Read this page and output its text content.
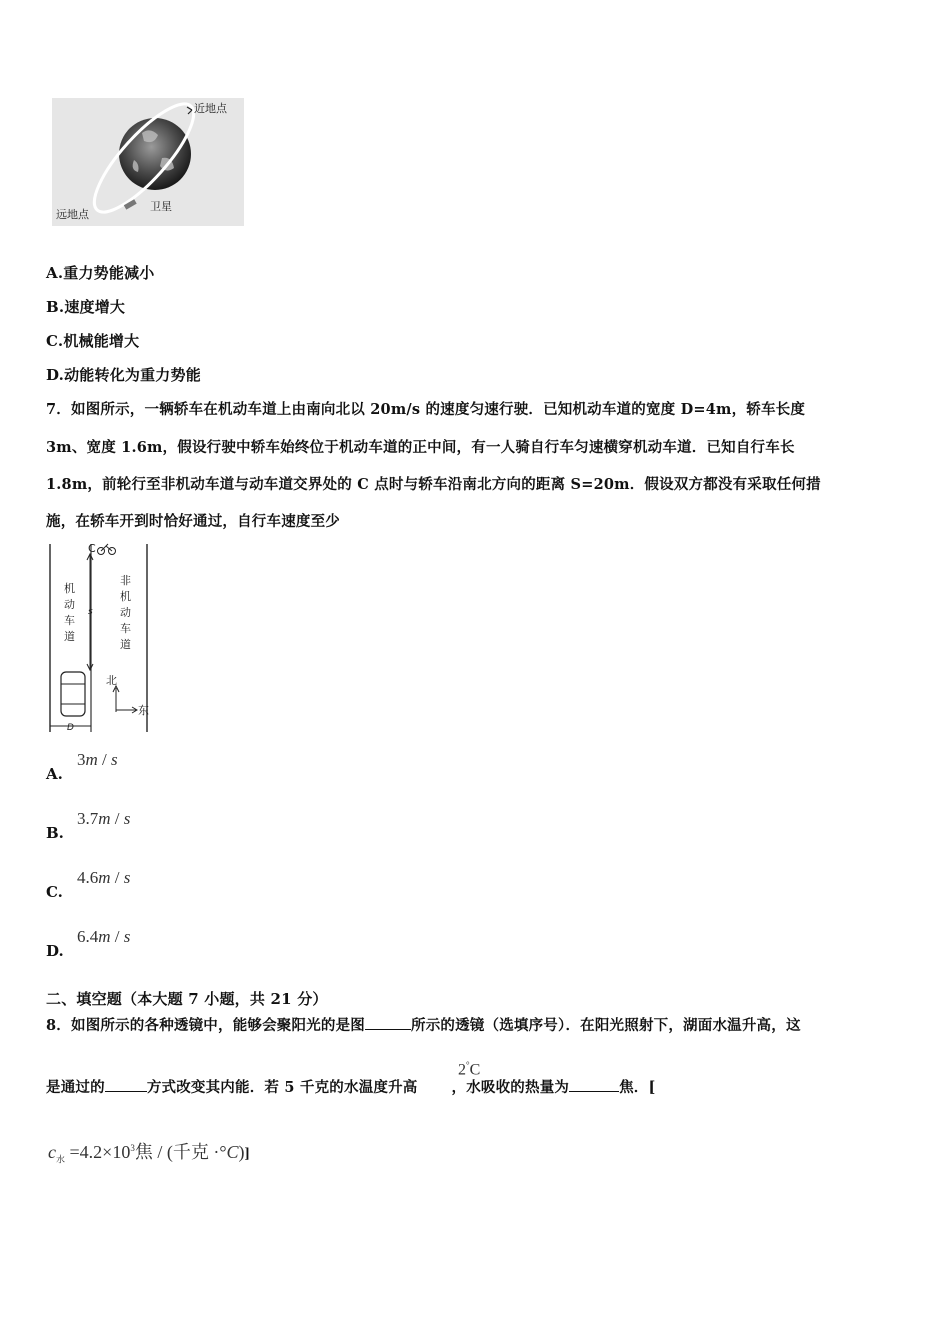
近地点
远地点
卫星
A.重力势能减小
B.速度增大
C.机械能增大
D.动能转化为重力势能
7．如图所示，一辆轿车在机动车道上由南向北以 20m/s 的速度匀速行驶．已知机动车道的宽度 D=4m，轿车长度
3m、宽度 1.6m，假设行驶中轿车始终位于机动车道的正中间，有一人骑自行车匀速横穿机动车道．已知自行车长
1.8m，前轮行至非机动车道与动车道交界处的 C 点时与轿车沿南北方向的距离 S=20m．假设双方都没有采取任何措
施，在轿车开到时恰好通过，自行车速度至少
C
s
机
动
车
道
非
机
动
车
道
北
东
D
A.
3m / s
B.
3.7m / s
C.
4.6m / s
D.
6.4m / s
二、填空题（本大题 7 小题，共 21 分）
8．如图所示的各种透镜中，能够会聚阳光的是图	所示的透镜（选填序号）．在阳光照射下，湖面水温升高，这
是通过的	方式改变其内能．若 5 千克的水温度升高 ，水吸收的热量为	焦．[
2°C
$c_水 =4.2\times 10^3$焦 / (千克 ·°C)]
